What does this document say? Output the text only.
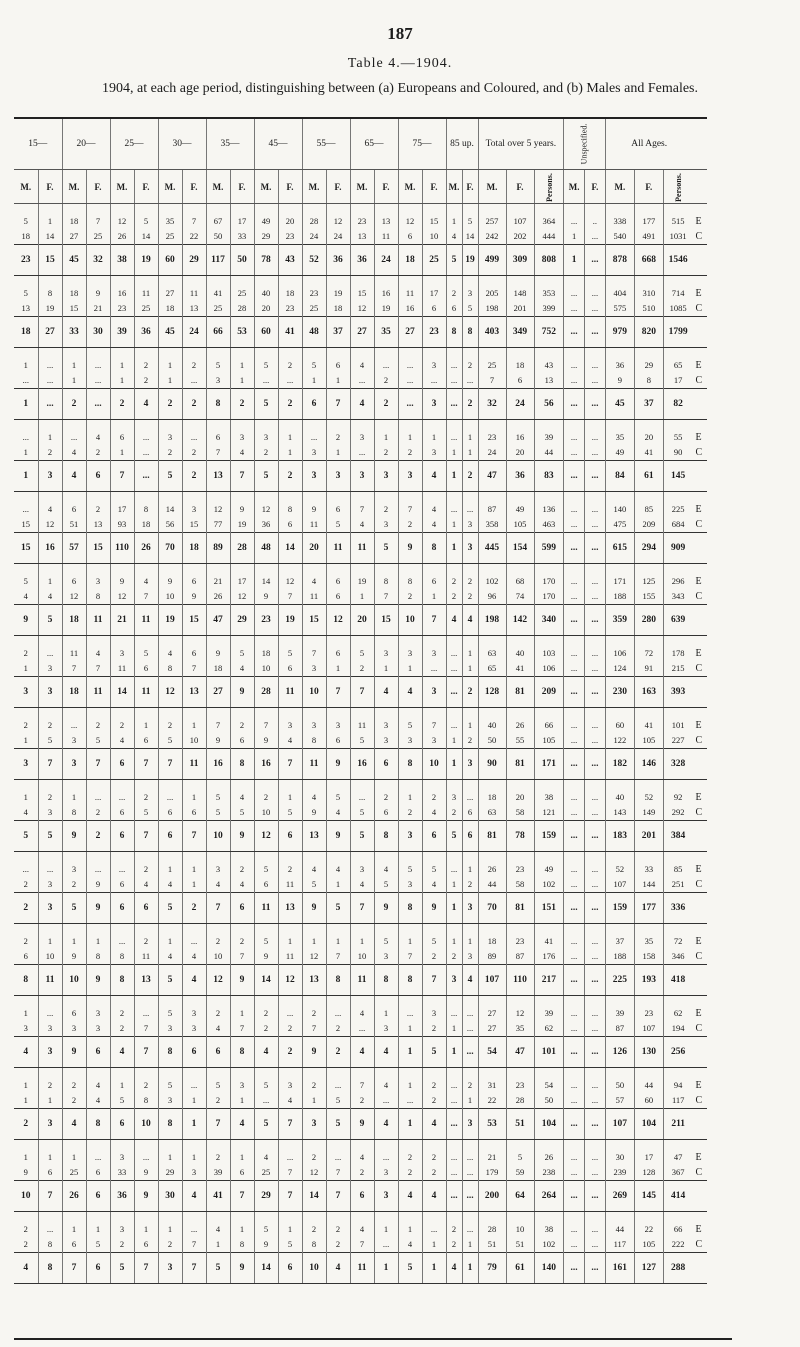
187
Table 4.—1904.
1904, at each age period, distinguishing between (a) Europeans and Coloured, and (b) Males and Females.
15—		20—		25—		30—		35—		45—		55—		65—		75—		85 up.		Total over 5 years.			Unspecified.		All Ages.			
M.	F.	M.	F.	M.	F.	M.	F.	M.	F.	M.	F.	M.	F.	M.	F.	M.	F.	M.	F.	M.	F.	Persons.	M.	F.	M.	F.	Persons.	
5	1	18	7	12	5	35	7	67	17	49	20	28	12	23	13	12	15	1	5	257	107	364	...	..	338	177	515	E
18	14	27	25	26	14	25	22	50	33	29	23	24	24	13	11	6	10	4	14	242	202	444	1	...	540	491	1031	C
23	15	45	32	38	19	60	29	117	50	78	43	52	36	36	24	18	25	5	19	499	309	808	1	...	878	668	1546	
5	8	18	9	16	11	27	11	41	25	40	18	23	19	15	16	11	17	2	3	205	148	353	...	...	404	310	714	E
13	19	15	21	23	25	18	13	25	28	20	23	25	18	12	19	16	6	6	5	198	201	399	...	...	575	510	1085	C
18	27	33	30	39	36	45	24	66	53	60	41	48	37	27	35	27	23	8	8	403	349	752	...	...	979	820	1799	
1	...	1	...	1	2	1	2	5	1	5	2	5	6	4	...	...	3	...	2	25	18	43	...	...	36	29	65	E
...	...	1	...	1	2	1	...	3	1	...	...	1	1	...	2	...	...	...	...	7	6	13	...	...	9	8	17	C
1	...	2	...	2	4	2	2	8	2	5	2	6	7	4	2	...	3	...	2	32	24	56	...	...	45	37	82	
...	1	...	4	6	...	3	...	6	3	3	1	...	2	3	1	1	1	...	1	23	16	39	...	...	35	20	55	E
1	2	4	2	1	...	2	2	7	4	2	1	3	1	...	2	2	3	1	1	24	20	44	...	...	49	41	90	C
1	3	4	6	7	...	5	2	13	7	5	2	3	3	3	3	3	4	1	2	47	36	83	...	...	84	61	145	
...	4	6	2	17	8	14	3	12	9	12	8	9	6	7	2	7	4	...	...	87	49	136	...	...	140	85	225	E
15	12	51	13	93	18	56	15	77	19	36	6	11	5	4	3	2	4	1	3	358	105	463	...	...	475	209	684	C
15	16	57	15	110	26	70	18	89	28	48	14	20	11	11	5	9	8	1	3	445	154	599	...	...	615	294	909	
5	1	6	3	9	4	9	6	21	17	14	12	4	6	19	8	8	6	2	2	102	68	170	...	...	171	125	296	E
4	4	12	8	12	7	10	9	26	12	9	7	11	6	1	7	2	1	2	2	96	74	170	...	...	188	155	343	C
9	5	18	11	21	11	19	15	47	29	23	19	15	12	20	15	10	7	4	4	198	142	340	...	...	359	280	639	
2	...	11	4	3	5	4	6	9	5	18	5	7	6	5	3	3	3	...	1	63	40	103	...	...	106	72	178	E
1	3	7	7	11	6	8	7	18	4	10	6	3	1	2	1	1	...	...	1	65	41	106	...	...	124	91	215	C
3	3	18	11	14	11	12	13	27	9	28	11	10	7	7	4	4	3	...	2	128	81	209	...	...	230	163	393	
2	2	...	2	2	1	2	1	7	2	7	3	3	3	11	3	5	7	...	1	40	26	66	...	...	60	41	101	E
1	5	3	5	4	6	5	10	9	6	9	4	8	6	5	3	3	3	1	2	50	55	105	...	...	122	105	227	C
3	7	3	7	6	7	7	11	16	8	16	7	11	9	16	6	8	10	1	3	90	81	171	...	...	182	146	328	
1	2	1	...	...	2	...	1	5	4	2	1	4	5	...	2	1	2	3	...	18	20	38	...	...	40	52	92	E
4	3	8	2	6	5	6	6	5	5	10	5	9	4	5	6	2	4	2	6	63	58	121	...	...	143	149	292	C
5	5	9	2	6	7	6	7	10	9	12	6	13	9	5	8	3	6	5	6	81	78	159	...	...	183	201	384	
...	...	3	...	...	2	1	1	3	2	5	2	4	4	3	4	5	5	...	1	26	23	49	...	...	52	33	85	E
2	3	2	9	6	4	4	1	4	4	6	11	5	1	4	5	3	4	1	2	44	58	102	...	...	107	144	251	C
2	3	5	9	6	6	5	2	7	6	11	13	9	5	7	9	8	9	1	3	70	81	151	...	...	159	177	336	
2	1	1	1	...	2	1	...	2	2	5	1	1	1	1	5	1	5	1	1	18	23	41	...	...	37	35	72	E
6	10	9	8	8	11	4	4	10	7	9	11	12	7	10	3	7	2	2	3	89	87	176	...	...	188	158	346	C
8	11	10	9	8	13	5	4	12	9	14	12	13	8	11	8	8	7	3	4	107	110	217	...	...	225	193	418	
1	...	6	3	2	...	5	3	2	1	2	...	2	...	4	1	...	3	...	...	27	12	39	...	...	39	23	62	E
3	3	3	3	2	7	3	3	4	7	2	2	7	2	...	3	1	2	1	...	27	35	62	...	...	87	107	194	C
4	3	9	6	4	7	8	6	6	8	4	2	9	2	4	4	1	5	1	...	54	47	101	...	...	126	130	256	
1	2	2	4	1	2	5	...	5	3	5	3	2	...	7	4	1	2	...	2	31	23	54	...	...	50	44	94	E
1	1	2	4	5	8	3	1	2	1	...	4	1	5	2	...	...	2	...	1	22	28	50	...	...	57	60	117	C
2	3	4	8	6	10	8	1	7	4	5	7	3	5	9	4	1	4	...	3	53	51	104	...	...	107	104	211	
1	1	1	...	3	...	1	1	2	1	4	...	2	...	4	...	2	2	...	...	21	5	26	...	...	30	17	47	E
9	6	25	6	33	9	29	3	39	6	25	7	12	7	2	3	2	2	...	...	179	59	238	...	...	239	128	367	C
10	7	26	6	36	9	30	4	41	7	29	7	14	7	6	3	4	4	...	...	200	64	264	...	...	269	145	414	
2	...	1	1	3	1	1	...	4	1	5	1	2	2	4	1	1	...	2	...	28	10	38	...	...	44	22	66	E
2	8	6	5	2	6	2	7	1	8	9	5	8	2	7	...	4	1	2	1	51	51	102	...	...	117	105	222	C
4	8	7	6	5	7	3	7	5	9	14	6	10	4	11	1	5	1	4	1	79	61	140	...	...	161	127	288	
